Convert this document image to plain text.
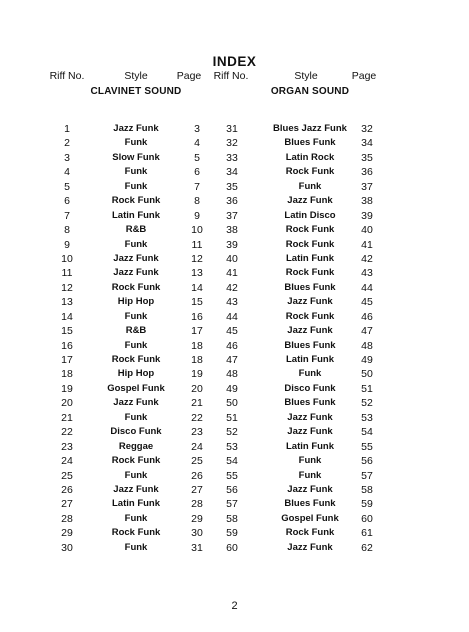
INDEX
Riff No.	Style	Page	Riff No.	Style	Page
CLAVINET SOUND	ORGAN SOUND
1	Jazz Funk	3	31	Blues Jazz Funk	32
2	Funk	4	32	Blues Funk	34
3	Slow Funk	5	33	Latin Rock	35
4	Funk	6	34	Rock Funk	36
5	Funk	7	35	Funk	37
6	Rock Funk	8	36	Jazz Funk	38
7	Latin Funk	9	37	Latin Disco	39
8	R&B	10	38	Rock Funk	40
9	Funk	11	39	Rock Funk	41
10	Jazz Funk	12	40	Latin Funk	42
11	Jazz Funk	13	41	Rock Funk	43
12	Rock Funk	14	42	Blues Funk	44
13	Hip Hop	15	43	Jazz Funk	45
14	Funk	16	44	Rock Funk	46
15	R&B	17	45	Jazz Funk	47
16	Funk	18	46	Blues Funk	48
17	Rock Funk	18	47	Latin Funk	49
18	Hip Hop	19	48	Funk	50
19	Gospel Funk	20	49	Disco Funk	51
20	Jazz Funk	21	50	Blues Funk	52
21	Funk	22	51	Jazz Funk	53
22	Disco Funk	23	52	Jazz Funk	54
23	Reggae	24	53	Latin Funk	55
24	Rock Funk	25	54	Funk	56
25	Funk	26	55	Funk	57
26	Jazz Funk	27	56	Jazz Funk	58
27	Latin Funk	28	57	Blues Funk	59
28	Funk	29	58	Gospel Funk	60
29	Rock Funk	30	59	Rock Funk	61
30	Funk	31	60	Jazz Funk	62
2
